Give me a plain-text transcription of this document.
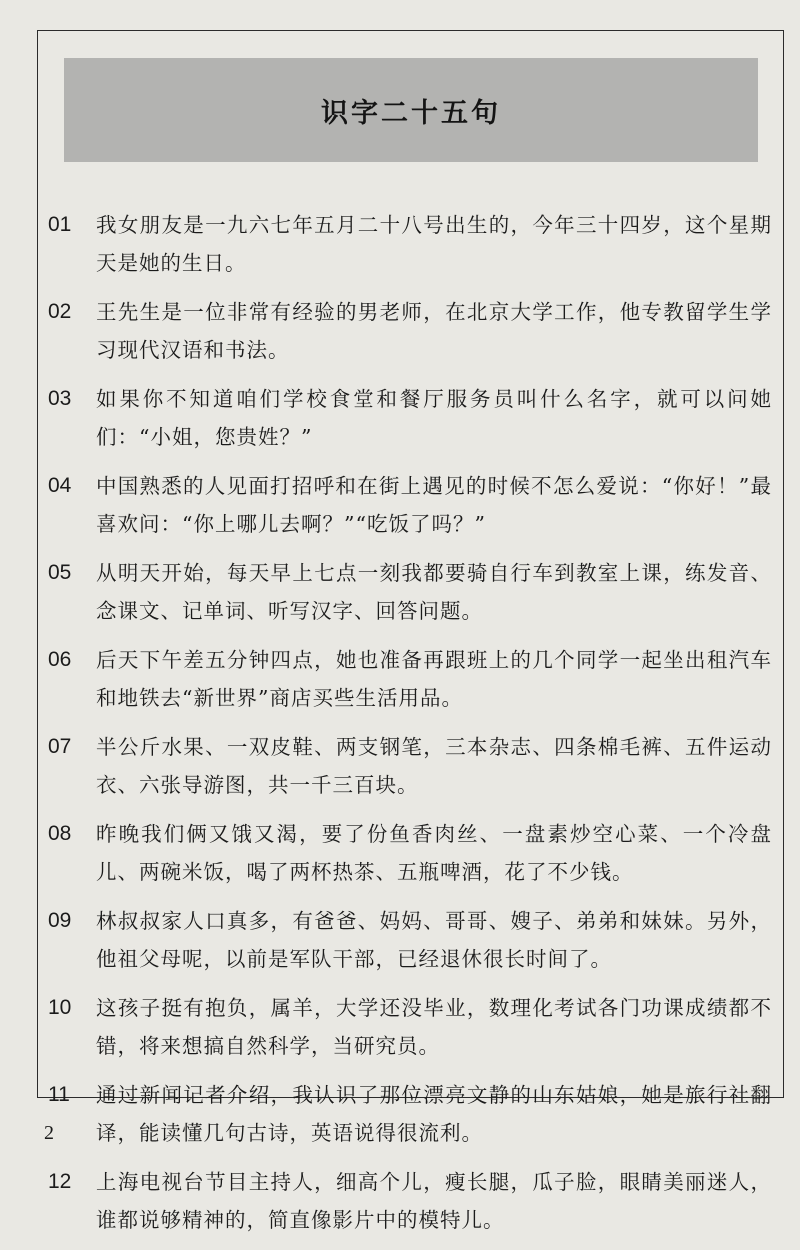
识字二十五句
01	我女朋友是一九六七年五月二十八号出生的，今年三十四岁，这个星期天是她的生日。
02	王先生是一位非常有经验的男老师，在北京大学工作，他专教留学生学习现代汉语和书法。
03	如果你不知道咱们学校食堂和餐厅服务员叫什么名字，就可以问她们：“小姐，您贵姓？”
04	中国熟悉的人见面打招呼和在街上遇见的时候不怎么爱说：“你好！”最喜欢问：“你上哪儿去啊？”“吃饭了吗？”
05	从明天开始，每天早上七点一刻我都要骑自行车到教室上课，练发音、念课文、记单词、听写汉字、回答问题。
06	后天下午差五分钟四点，她也准备再跟班上的几个同学一起坐出租汽车和地铁去“新世界”商店买些生活用品。
07	半公斤水果、一双皮鞋、两支钢笔，三本杂志、四条棉毛裤、五件运动衣、六张导游图，共一千三百块。
08	昨晚我们俩又饿又渴，要了份鱼香肉丝、一盘素炒空心菜、一个冷盘儿、两碗米饭，喝了两杯热茶、五瓶啤酒，花了不少钱。
09	林叔叔家人口真多，有爸爸、妈妈、哥哥、嫂子、弟弟和妹妹。另外，他祖父母呢，以前是军队干部，已经退休很长时间了。
10	这孩子挺有抱负，属羊，大学还没毕业，数理化考试各门功课成绩都不错，将来想搞自然科学，当研究员。
11	通过新闻记者介绍，我认识了那位漂亮文静的山东姑娘，她是旅行社翻译，能读懂几句古诗，英语说得很流利。
12	上海电视台节目主持人，细高个儿，瘦长腿，瓜子脸，眼睛美丽迷人，谁都说够精神的，简直像影片中的模特儿。
2
